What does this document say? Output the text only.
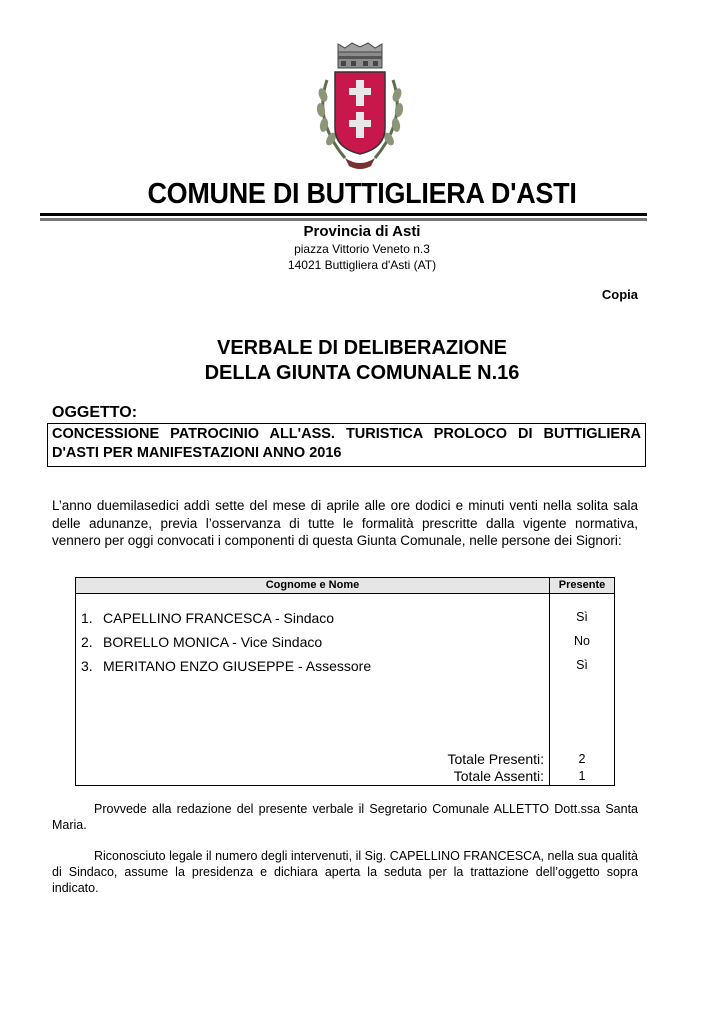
COMUNE DI BUTTIGLIERA D'ASTI
Provincia di Asti
piazza Vittorio Veneto n.3
14021 Buttigliera d'Asti (AT)
Copia
VERBALE DI DELIBERAZIONE
DELLA GIUNTA COMUNALE N.16
OGGETTO:
CONCESSIONE PATROCINIO ALL'ASS. TURISTICA PROLOCO DI BUTTIGLIERA D'ASTI PER MANIFESTAZIONI ANNO 2016
L’anno duemilasedici addì sette del mese di aprile alle ore dodici e minuti venti nella solita sala delle adunanze, previa l’osservanza di tutte le formalità prescritte dalla vigente normativa, vennero per oggi convocati i componenti di questa Giunta Comunale, nelle persone dei Signori:
Cognome e Nome	Presente
1. CAPELLINO FRANCESCA - Sindaco	Sì
2. BORELLO MONICA - Vice Sindaco	No
3. MERITANO ENZO GIUSEPPE - Assessore	Sì
Totale Presenti:	2
Totale Assenti:	1
Provvede alla redazione del presente verbale il Segretario Comunale ALLETTO Dott.ssa Santa Maria.
Riconosciuto legale il numero degli intervenuti, il Sig. CAPELLINO FRANCESCA, nella sua qualità di Sindaco, assume la presidenza e dichiara aperta la seduta per la trattazione dell’oggetto sopra indicato.
